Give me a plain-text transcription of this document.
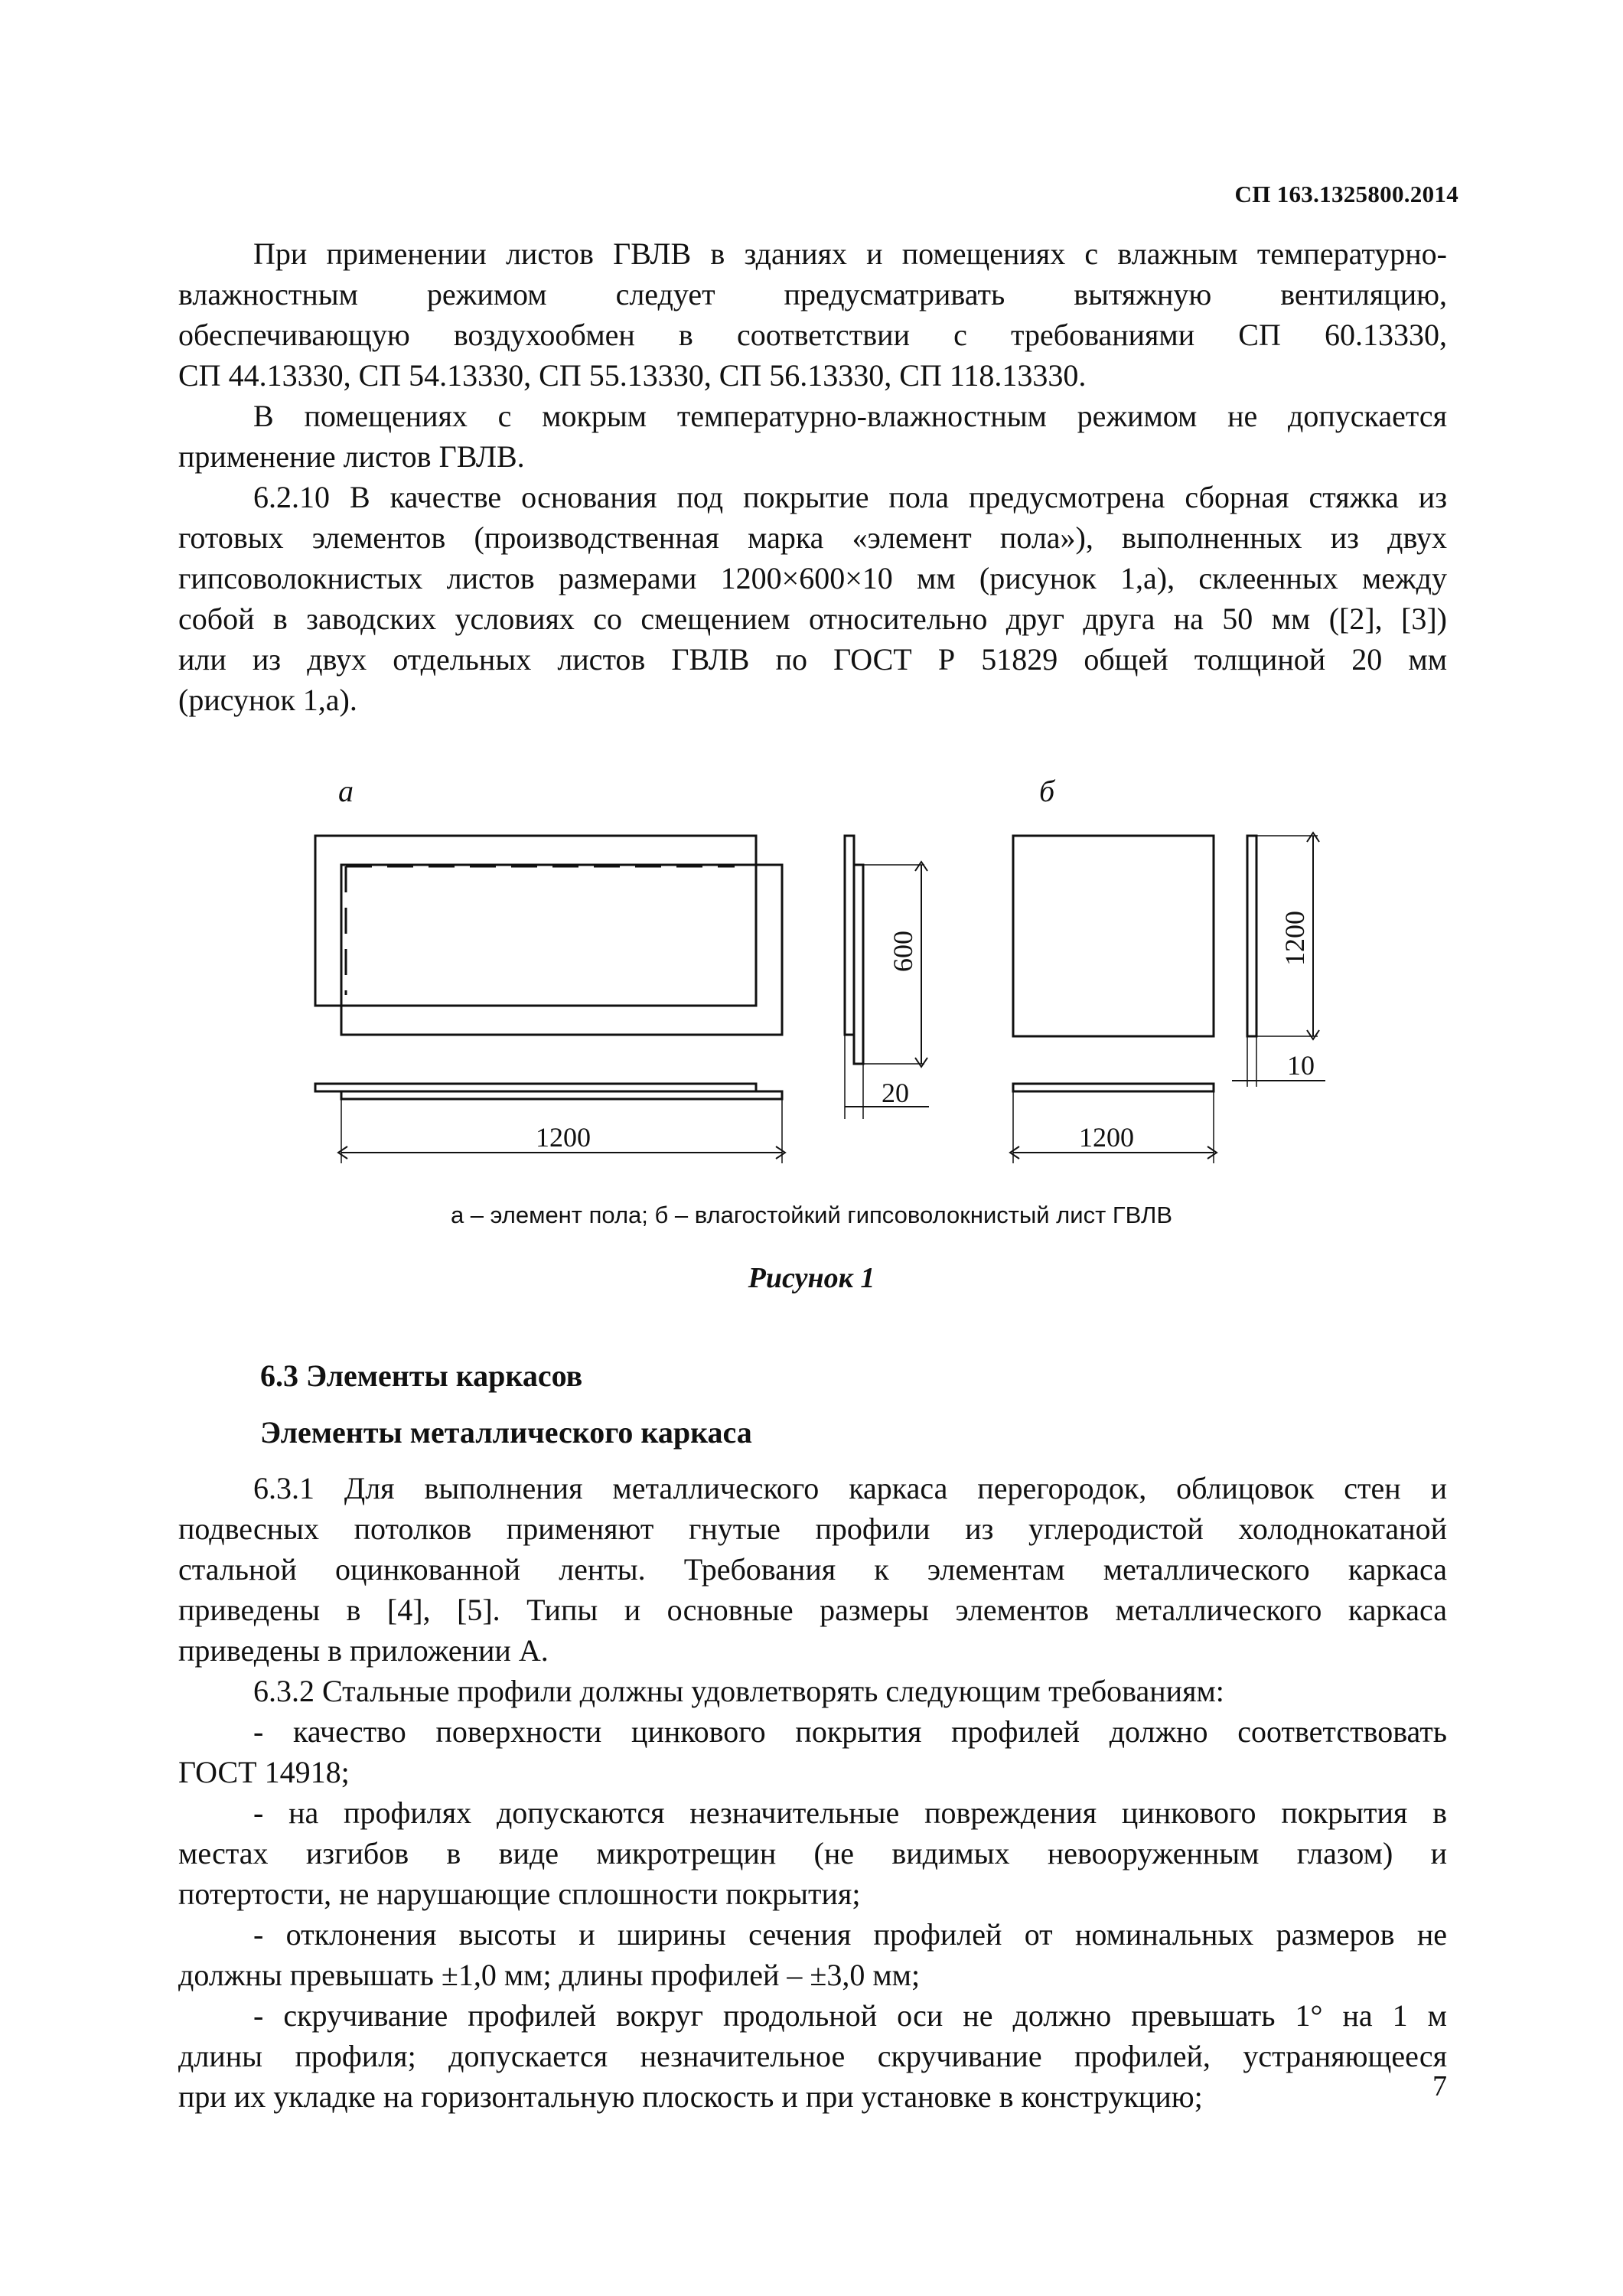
СП 163.1325800.2014
При применении листов ГВЛВ в зданиях и помещениях с влажным температурно-
влажностным режимом следует предусматривать вытяжную вентиляцию,
обеспечивающую воздухообмен в соответствии с требованиями СП 60.13330,
СП 44.13330, СП 54.13330, СП 55.13330, СП 56.13330, СП 118.13330.
В помещениях с мокрым температурно-влажностным режимом не допускается
применение листов ГВЛВ.
6.2.10 В качестве основания под покрытие пола предусмотрена сборная стяжка из
готовых элементов (производственная марка «элемент пола»), выполненных из двух
гипсоволокнистых листов размерами 1200×600×10 мм (рисунок 1,а), склеенных между
собой в заводских условиях со смещением относительно друг друга на 50 мм ([2], [3])
или из двух отдельных листов ГВЛВ по ГОСТ Р 51829 общей толщиной 20 мм
(рисунок 1,а).
а	б
1200
600
20
1200
1200
10
а – элемент пола; б – влагостойкий гипсоволокнистый лист ГВЛВ
Рисунок 1
6.3 Элементы каркасов
Элементы металлического каркаса
6.3.1 Для выполнения металлического каркаса перегородок, облицовок стен и
подвесных потолков применяют гнутые профили из углеродистой холоднокатаной
стальной оцинкованной ленты. Требования к элементам металлического каркаса
приведены в [4], [5]. Типы и основные размеры элементов металлического каркаса
приведены в приложении А.
6.3.2 Стальные профили должны удовлетворять следующим требованиям:
- качество поверхности цинкового покрытия профилей должно соответствовать
ГОСТ 14918;
- на профилях допускаются незначительные повреждения цинкового покрытия в
местах изгибов в виде микротрещин (не видимых невооруженным глазом) и
потертости, не нарушающие сплошности покрытия;
- отклонения высоты и ширины сечения профилей от номинальных размеров не
должны превышать ±1,0 мм; длины профилей – ±3,0 мм;
- скручивание профилей вокруг продольной оси не должно превышать 1° на 1 м
длины профиля; допускается незначительное скручивание профилей, устраняющееся
при их укладке на горизонтальную плоскость и при установке в конструкцию;	7
